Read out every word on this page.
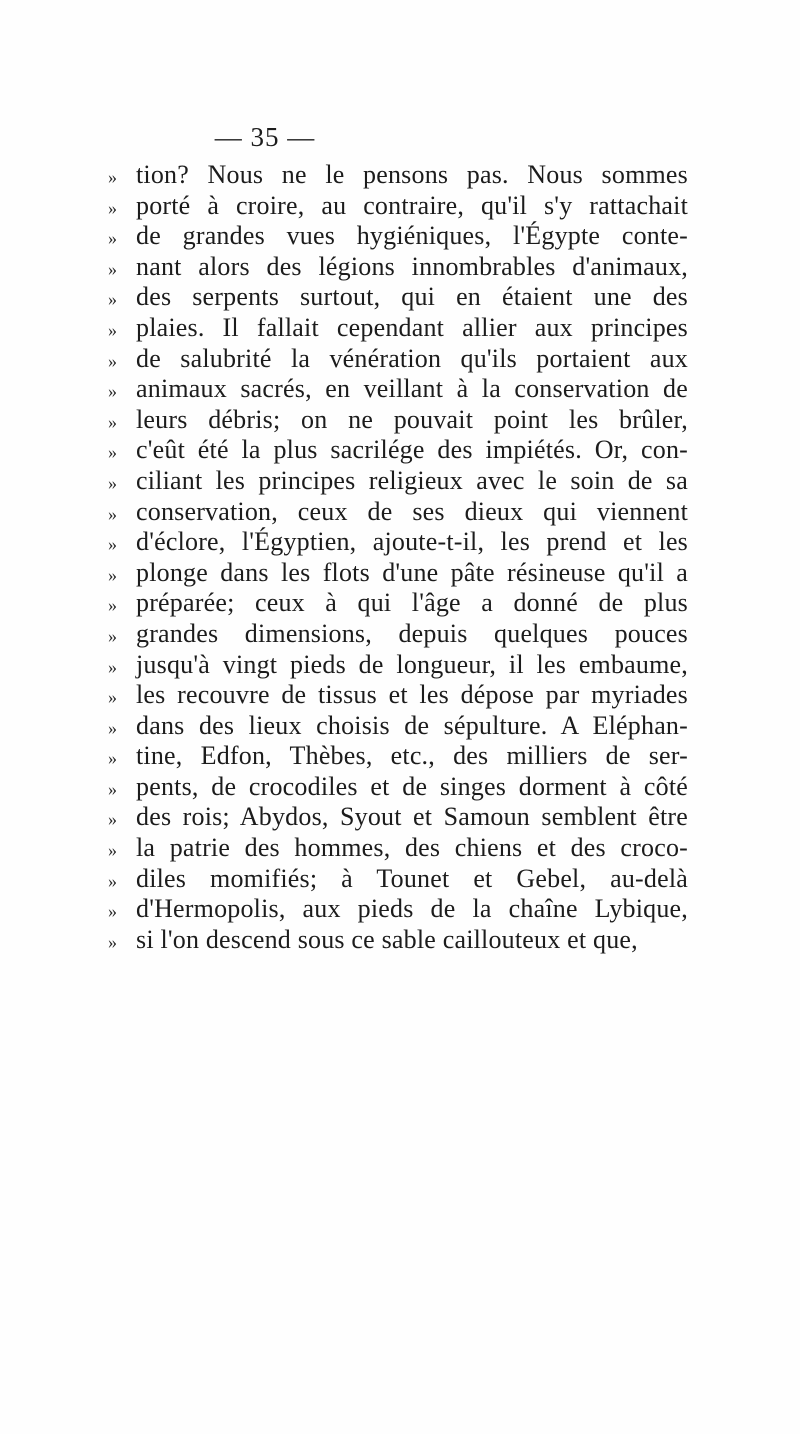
— 35 —
» tion? Nous ne le pensons pas. Nous sommes
» porté à croire, au contraire, qu'il s'y rattachait
» de grandes vues hygiéniques, l'Égypte conte-
» nant alors des légions innombrables d'animaux,
» des serpents surtout, qui en étaient une des
» plaies. Il fallait cependant allier aux principes
» de salubrité la vénération qu'ils portaient aux
» animaux sacrés, en veillant à la conservation de
» leurs débris; on ne pouvait point les brûler,
» c'eût été la plus sacrilége des impiétés. Or, con-
» ciliant les principes religieux avec le soin de sa
» conservation, ceux de ses dieux qui viennent
» d'éclore, l'Égyptien, ajoute-t-il, les prend et les
» plonge dans les flots d'une pâte résineuse qu'il a
» préparée; ceux à qui l'âge a donné de plus
» grandes dimensions, depuis quelques pouces
» jusqu'à vingt pieds de longueur, il les embaume,
» les recouvre de tissus et les dépose par myriades
» dans des lieux choisis de sépulture. A Eléphan-
» tine, Edfon, Thèbes, etc., des milliers de ser-
» pents, de crocodiles et de singes dorment à côté
» des rois; Abydos, Syout et Samoun semblent être
» la patrie des hommes, des chiens et des croco-
» diles momifiés; à Tounet et Gebel, au-delà
» d'Hermopolis, aux pieds de la chaîne Lybique,
» si l'on descend sous ce sable caillouteux et que,
